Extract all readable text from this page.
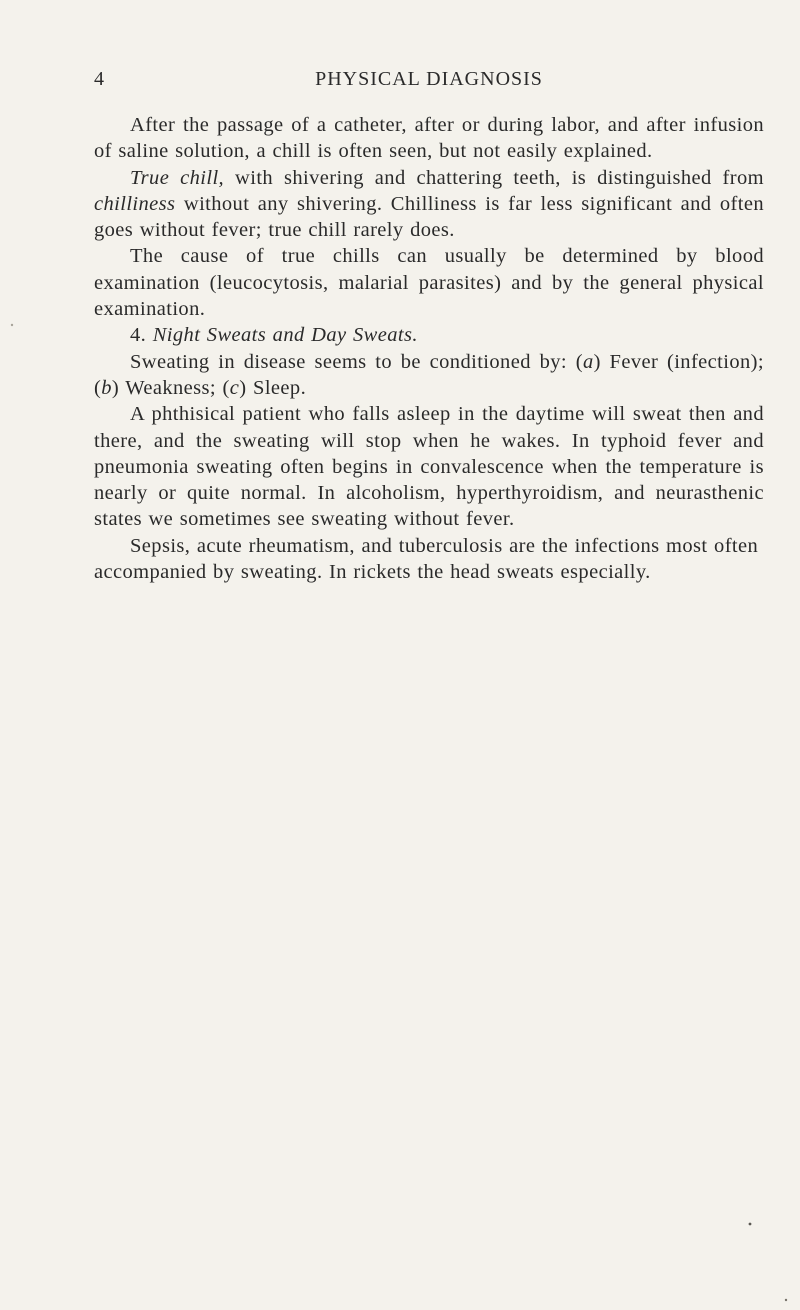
4	PHYSICAL DIAGNOSIS

After the passage of a catheter, after or during labor, and after infusion of saline solution, a chill is often seen, but not easily explained.

True chill, with shivering and chattering teeth, is distinguished from chilliness without any shivering. Chilliness is far less significant and often goes without fever; true chill rarely does.

The cause of true chills can usually be determined by blood examination (leucocytosis, malarial parasites) and by the general physical examination.

4. Night Sweats and Day Sweats.

Sweating in disease seems to be conditioned by: (a) Fever (infection); (b) Weakness; (c) Sleep.

A phthisical patient who falls asleep in the daytime will sweat then and there, and the sweating will stop when he wakes. In typhoid fever and pneumonia sweating often begins in convalescence when the temperature is nearly or quite normal. In alcoholism, hyperthyroidism, and neurasthenic states we sometimes see sweating without fever.

Sepsis, acute rheumatism, and tuberculosis are the infections most often accompanied by sweating. In rickets the head sweats especially.
